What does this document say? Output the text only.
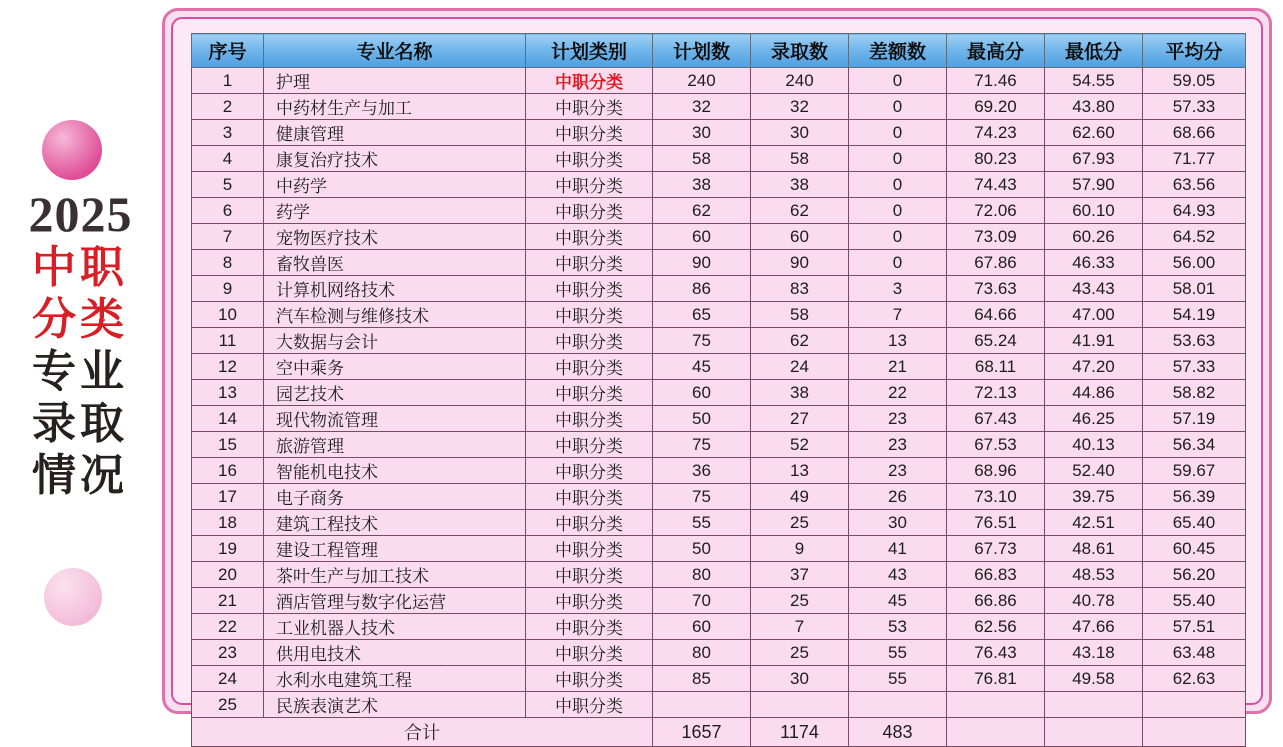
2025
中职
分类
专业
录取
情况
· · · ·
序号	专业名称	计划类别	计划数	录取数	差额数	最高分	最低分	平均分
1	护理	中职分类	240	240	0	71.46	54.55	59.05
2	中药材生产与加工	中职分类	32	32	0	69.20	43.80	57.33
3	健康管理	中职分类	30	30	0	74.23	62.60	68.66
4	康复治疗技术	中职分类	58	58	0	80.23	67.93	71.77
5	中药学	中职分类	38	38	0	74.43	57.90	63.56
6	药学	中职分类	62	62	0	72.06	60.10	64.93
7	宠物医疗技术	中职分类	60	60	0	73.09	60.26	64.52
8	畜牧兽医	中职分类	90	90	0	67.86	46.33	56.00
9	计算机网络技术	中职分类	86	83	3	73.63	43.43	58.01
10	汽车检测与维修技术	中职分类	65	58	7	64.66	47.00	54.19
11	大数据与会计	中职分类	75	62	13	65.24	41.91	53.63
12	空中乘务	中职分类	45	24	21	68.11	47.20	57.33
13	园艺技术	中职分类	60	38	22	72.13	44.86	58.82
14	现代物流管理	中职分类	50	27	23	67.43	46.25	57.19
15	旅游管理	中职分类	75	52	23	67.53	40.13	56.34
16	智能机电技术	中职分类	36	13	23	68.96	52.40	59.67
17	电子商务	中职分类	75	49	26	73.10	39.75	56.39
18	建筑工程技术	中职分类	55	25	30	76.51	42.51	65.40
19	建设工程管理	中职分类	50	9	41	67.73	48.61	60.45
20	茶叶生产与加工技术	中职分类	80	37	43	66.83	48.53	56.20
21	酒店管理与数字化运营	中职分类	70	25	45	66.86	40.78	55.40
22	工业机器人技术	中职分类	60	7	53	62.56	47.66	57.51
23	供用电技术	中职分类	80	25	55	76.43	43.18	63.48
24	水利水电建筑工程	中职分类	85	30	55	76.81	49.58	62.63
25	民族表演艺术	中职分类						
合计			1657	1174	483			
